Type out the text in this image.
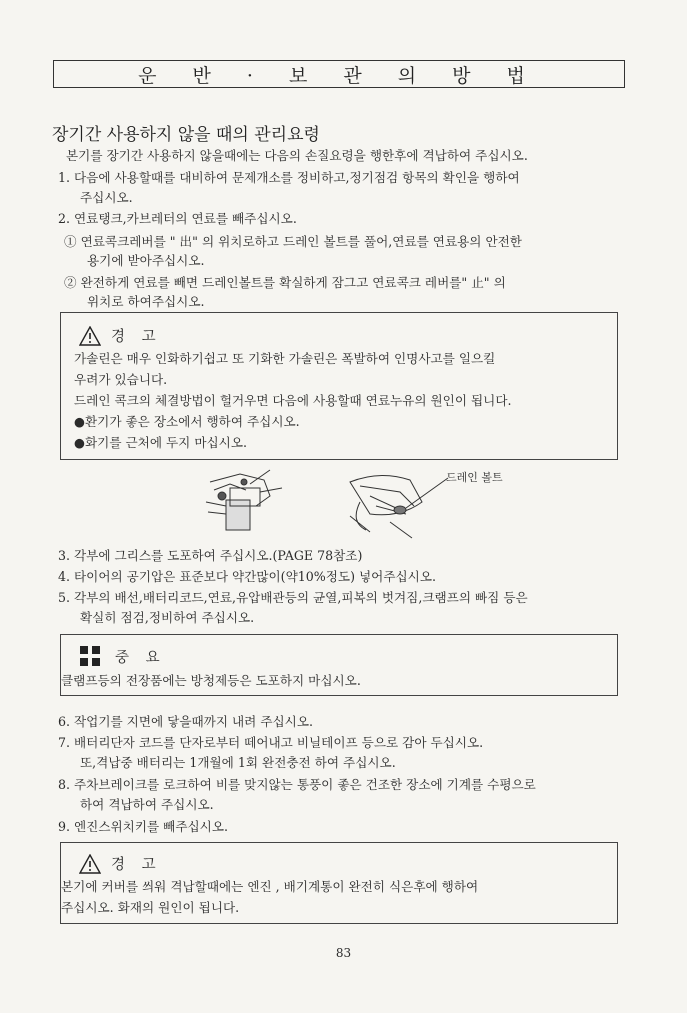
운 반 · 보 관 의 방 법
장기간 사용하지 않을 때의 관리요령
본기를 장기간 사용하지 않을때에는 다음의 손질요령을 행한후에 격납하여 주십시오.
1. 다음에 사용할때를 대비하여 문제개소를 정비하고,정기점검 항목의 확인을 행하여
주십시오.
2. 연료탱크,카브레터의 연료를 빼주십시오.
① 연료콕크레버를 " 出" 의 위치로하고 드레인 볼트를 풀어,연료를 연료용의 안전한
용기에 받아주십시오.
② 완전하게 연료를 빼면 드레인볼트를 확실하게 잠그고 연료콕크 레버를" 止" 의
위치로 하여주십시오.
경 고
가솔린은 매우 인화하기쉽고 또 기화한 가솔린은 폭발하여 인명사고를 일으킬
우려가 있습니다.
드레인 콕크의 체결방법이 헐거우면 다음에 사용할때 연료누유의 원인이 됩니다.
●환기가 좋은 장소에서 행하여 주십시오.
●화기를 근처에 두지 마십시오.
드레인 볼트
3. 각부에 그리스를 도포하여 주십시오.(PAGE 78참조)
4. 타이어의 공기압은 표준보다 약간많이(약10%정도) 넣어주십시오.
5. 각부의 배선,배터리코드,연료,유압배관등의 균열,피복의 벗겨짐,크램프의 빠짐 등은
확실히 점검,정비하여 주십시오.
중 요
클램프등의 전장품에는 방청제등은 도포하지 마십시오.
6. 작업기를 지면에 닿을때까지 내려 주십시오.
7. 배터리단자 코드를 단자로부터 떼어내고 비닐테이프 등으로 감아 두십시오.
또,격납중 배터리는 1개월에 1회 완전충전 하여 주십시오.
8. 주차브레이크를 로크하여 비를 맞지않는 통풍이 좋은 건조한 장소에 기계를 수평으로
하여 격납하여 주십시오.
9. 엔진스위치키를 빼주십시오.
경 고
본기에 커버를 씌워 격납할때에는 엔진 , 배기계통이 완전히 식은후에 행하여
주십시오. 화재의 원인이 됩니다.
83
